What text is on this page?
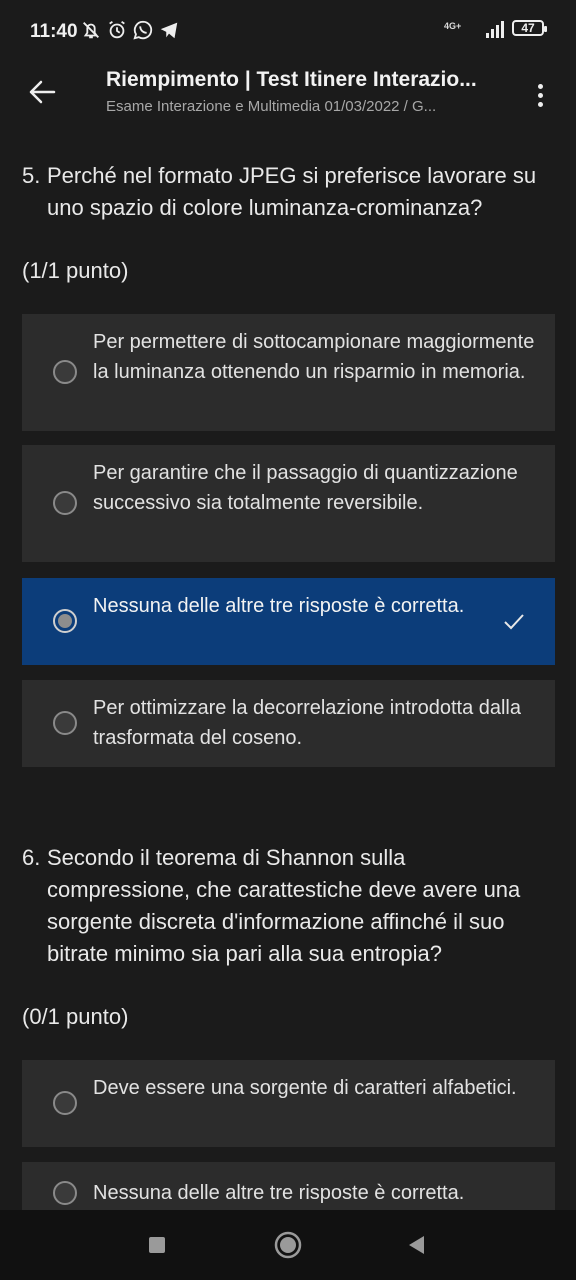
11:40	4G+	47
Riempimento | Test Itinere Interazio...
Esame Interazione e Multimedia 01/03/2022 / G...
5. Perché nel formato JPEG si preferisce lavorare su uno spazio di colore luminanza-crominanza?
(1/1 punto)
Per permettere di sottocampionare maggiormente la luminanza ottenendo un risparmio in memoria.
Per garantire che il passaggio di quantizzazione successivo sia totalmente reversibile.
Nessuna delle altre tre risposte è corretta.
Per ottimizzare la decorrelazione introdotta dalla trasformata del coseno.
6. Secondo il teorema di Shannon sulla compressione, che carattestiche deve avere una sorgente discreta d'informazione affinché il suo bitrate minimo sia pari alla sua entropia?
(0/1 punto)
Deve essere una sorgente di caratteri alfabetici.
Nessuna delle altre tre risposte è corretta.
